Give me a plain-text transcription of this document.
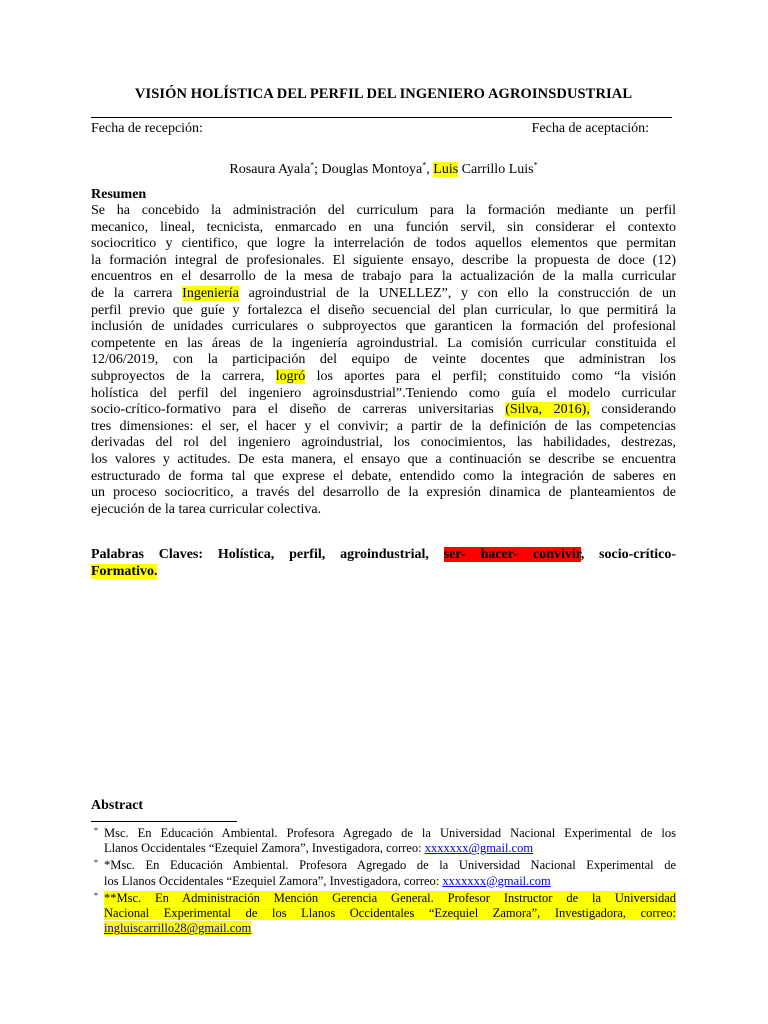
VISIÓN HOLÍSTICA DEL PERFIL DEL INGENIERO AGROINSDUSTRIAL
Fecha de recepción:	Fecha de aceptación:
Rosaura Ayala*; Douglas Montoya*, Luis Carrillo Luis*
Resumen
Se ha concebido la administración del curriculum para la formación mediante un perfil
mecanico, lineal, tecnicista, enmarcado en una función servil, sin considerar el contexto
sociocritico y cientifico, que logre la interrelación de todos aquellos elementos que permitan
la formación integral de profesionales. El siguiente ensayo, describe la propuesta de doce (12)
encuentros en el desarrollo de la mesa de trabajo para la actualización de la malla curricular
de la carrera Ingeniería agroindustrial de la UNELLEZ”, y con ello la construcción de un
perfil previo que guíe y fortalezca el diseño secuencial del plan curricular, lo que permitirá la
inclusión de unidades curriculares o subproyectos que garanticen la formación del profesional
competente en las áreas de la ingeniería agroindustrial. La comisión curricular constituida el
12/06/2019, con la participación del equipo de veinte docentes que administran los
subproyectos de la carrera, logró los aportes para el perfil; constituido como “la visión
holística del perfil del ingeniero agroinsdustrial”.Teniendo como guía el modelo curricular
socio-crítico-formativo para el diseño de carreras universitarias (Silva, 2016), considerando
tres dimensiones: el ser, el hacer y el convivir; a partir de la definición de las competencias
derivadas del rol del ingeniero agroindustrial, los conocimientos, las habilidades, destrezas,
los valores y actitudes. De esta manera, el ensayo que a continuación se describe se encuentra
estructurado de forma tal que exprese el debate, entendido como la integración de saberes en
un proceso sociocritico, a través del desarrollo de la expresión dinamica de planteamientos de
ejecución de la tarea curricular colectiva.
Palabras Claves: Holística, perfil, agroindustrial, ser- hacer- convivir, socio-crítico-
Formativo.
Abstract
* Msc. En Educación Ambiental. Profesora Agregado de la Universidad Nacional Experimental de los
Llanos Occidentales “Ezequiel Zamora”, Investigadora, correo: xxxxxxx@gmail.com
* *Msc. En Educación Ambiental. Profesora Agregado de la Universidad Nacional Experimental de
los Llanos Occidentales “Ezequiel Zamora”, Investigadora, correo: xxxxxxx@gmail.com
* **Msc. En Administración Mención Gerencia General. Profesor Instructor de la Universidad
Nacional Experimental de los Llanos Occidentales “Ezequiel Zamora”, Investigadora, correo:
ingluiscarrillo28@gmail.com
